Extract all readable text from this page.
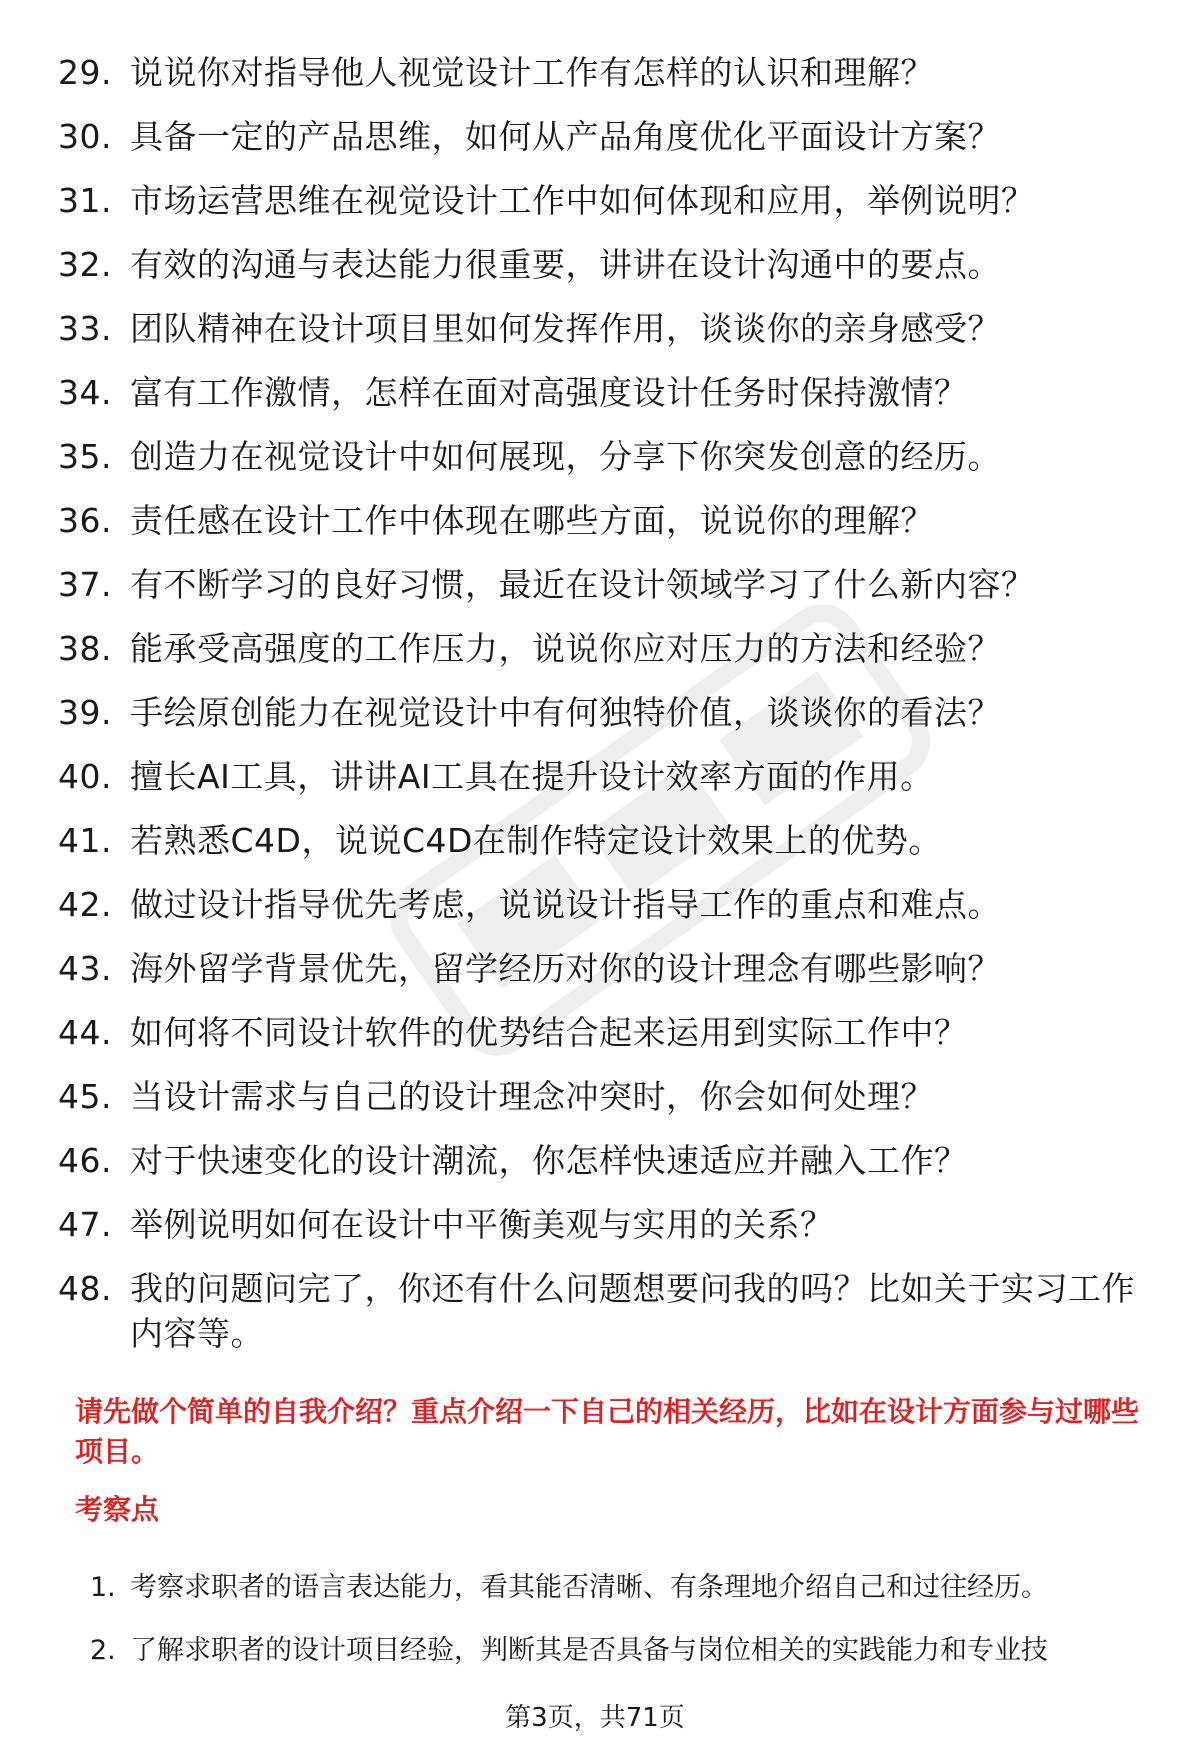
29. 说说你对指导他人视觉设计工作有怎样的认识和理解？
30. 具备一定的产品思维，如何从产品角度优化平面设计方案？
31. 市场运营思维在视觉设计工作中如何体现和应用，举例说明？
32. 有效的沟通与表达能力很重要，讲讲在设计沟通中的要点。
33. 团队精神在设计项目里如何发挥作用，谈谈你的亲身感受？
34. 富有工作激情，怎样在面对高强度设计任务时保持激情？
35. 创造力在视觉设计中如何展现，分享下你突发创意的经历。
36. 责任感在设计工作中体现在哪些方面，说说你的理解？
37. 有不断学习的良好习惯，最近在设计领域学习了什么新内容？
38. 能承受高强度的工作压力，说说你应对压力的方法和经验？
39. 手绘原创能力在视觉设计中有何独特价值，谈谈你的看法？
40. 擅长AI工具，讲讲AI工具在提升设计效率方面的作用。
41. 若熟悉C4D，说说C4D在制作特定设计效果上的优势。
42. 做过设计指导优先考虑，说说设计指导工作的重点和难点。
43. 海外留学背景优先，留学经历对你的设计理念有哪些影响？
44. 如何将不同设计软件的优势结合起来运用到实际工作中？
45. 当设计需求与自己的设计理念冲突时，你会如何处理？
46. 对于快速变化的设计潮流，你怎样快速适应并融入工作？
47. 举例说明如何在设计中平衡美观与实用的关系？
48. 我的问题问完了，你还有什么问题想要问我的吗？比如关于实习工作内容等。

请先做个简单的自我介绍？重点介绍一下自己的相关经历，比如在设计方面参与过哪些项目。

考察点

1. 考察求职者的语言表达能力，看其能否清晰、有条理地介绍自己和过往经历。
2. 了解求职者的设计项目经验，判断其是否具备与岗位相关的实践能力和专业技
第3页，共71页
